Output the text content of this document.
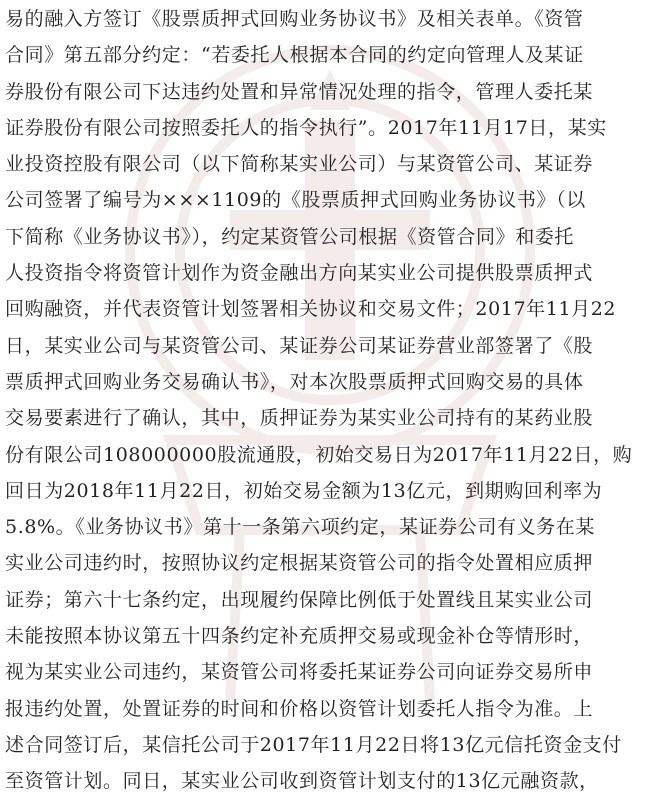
易的融入方签订《股票质押式回购业务协议书》及相关表单。《资管
合同》第五部分约定：“若委托人根据本合同的约定向管理人及某证
券股份有限公司下达违约处置和异常情况处理的指令，管理人委托某
证券股份有限公司按照委托人的指令执行”。2017年11月17日，某实
业投资控股有限公司（以下简称某实业公司）与某资管公司、某证券
公司签署了编号为×××1109的《股票质押式回购业务协议书》（以
下简称《业务协议书》），约定某资管公司根据《资管合同》和委托
人投资指令将资管计划作为资金融出方向某实业公司提供股票质押式
回购融资，并代表资管计划签署相关协议和交易文件；2017年11月22
日，某实业公司与某资管公司、某证券公司某证券营业部签署了《股
票质押式回购业务交易确认书》，对本次股票质押式回购交易的具体
交易要素进行了确认，其中，质押证券为某实业公司持有的某药业股
份有限公司108000000股流通股，初始交易日为2017年11月22日，购
回日为2018年11月22日，初始交易金额为13亿元，到期购回利率为
5.8%。《业务协议书》第十一条第六项约定，某证券公司有义务在某
实业公司违约时，按照协议约定根据某资管公司的指令处置相应质押
证券；第六十七条约定，出现履约保障比例低于处置线且某实业公司
未能按照本协议第五十四条约定补充质押交易或现金补仓等情形时，
视为某实业公司违约，某资管公司将委托某证券公司向证券交易所申
报违约处置，处置证券的时间和价格以资管计划委托人指令为准。上
述合同签订后，某信托公司于2017年11月22日将13亿元信托资金支付
至资管计划。同日，某实业公司收到资管计划支付的13亿元融资款，
